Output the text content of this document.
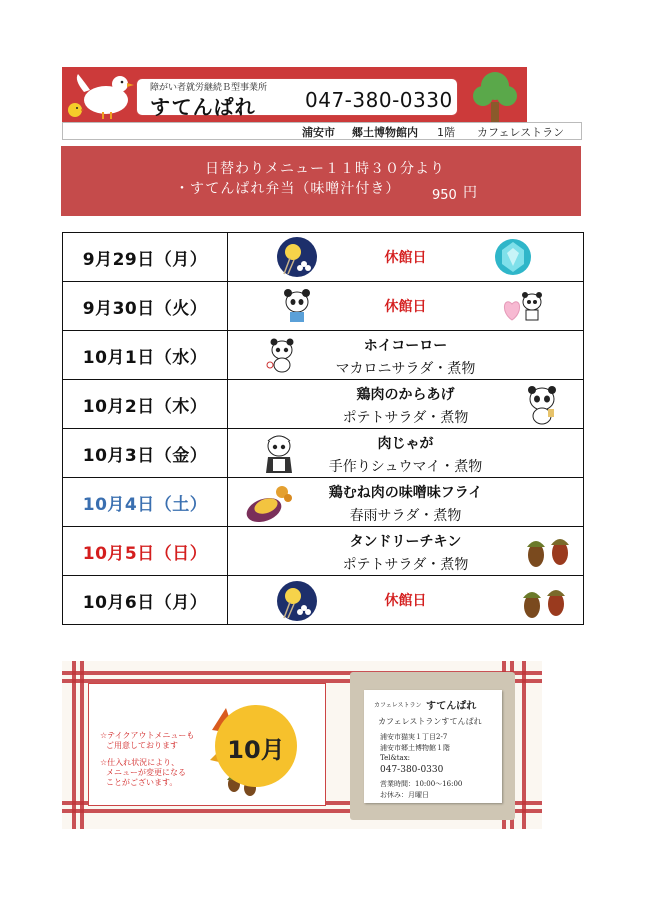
障がい者就労継続Ｂ型事業所
すてんぱれ 047-380-0330
浦安市 郷土博物館内 1階 カフェレストラン
日替わりメニュー１１時３０分より
・すてんぱれ弁当（味噌汁付き） 950 円
9月29日（月）	休館日

9月30日（火）	休館日

10月1日（水）	ホイコーロー
マカロニサラダ・煮物

10月2日（木）	鶏肉のからあげ
ポテトサラダ・煮物

10月3日（金）	肉じゃが
手作りシュウマイ・煮物

10月4日（土）	鶏むね肉の味噌味フライ
春雨サラダ・煮物

10月5日（日）	タンドリーチキン
ポテトサラダ・煮物

10月6日（月）	休館日
☆テイクアウトメニューも
ご用意しております
☆仕入れ状況により、
メニューが変更になる
ことがございます。
10月
カフェレストラン すてんぱれ
カフェレストランすてんぱれ
浦安市猫実１丁目2-7
浦安市郷土博物館１階
Tel&tax:
047-380-0330
営業時間：10:00〜16:00
お休み：月曜日
